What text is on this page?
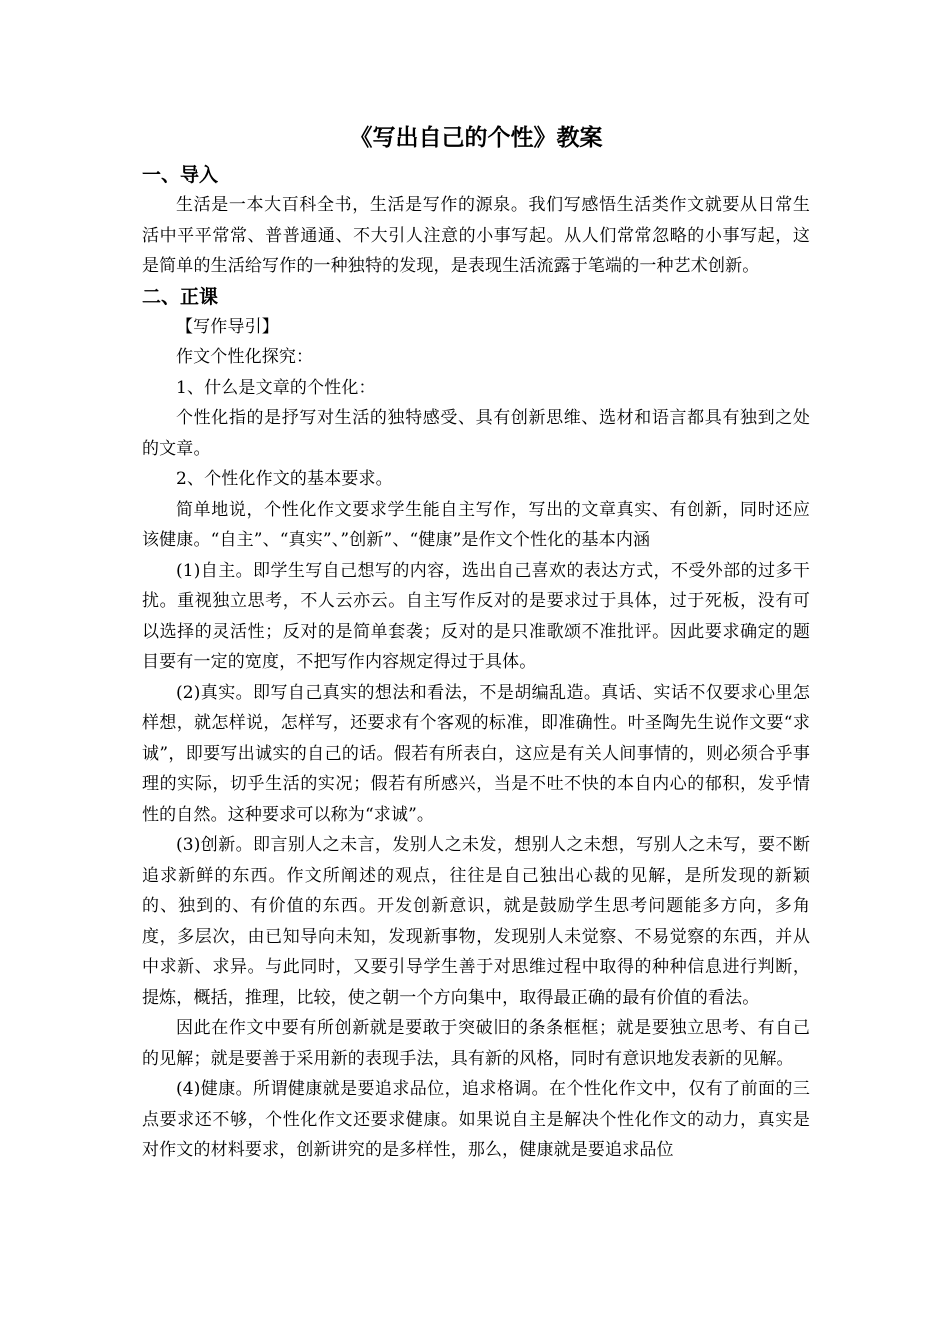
《写出自己的个性》教案
一、导入

生活是一本大百科全书，生活是写作的源泉。我们写感悟生活类作文就要从日常生活中平平常常、普普通通、不大引人注意的小事写起。从人们常常忽略的小事写起，这是简单的生活给写作的一种独特的发现，是表现生活流露于笔端的一种艺术创新。

二、正课

【写作导引】

作文个性化探究：

1、什么是文章的个性化：

个性化指的是抒写对生活的独特感受、具有创新思维、选材和语言都具有独到之处的文章。

2、个性化作文的基本要求。

简单地说，个性化作文要求学生能自主写作，写出的文章真实、有创新，同时还应该健康。“自主”、“真实”、”创新”、“健康”是作文个性化的基本内涵

(1)自主。即学生写自己想写的内容，选出自己喜欢的表达方式，不受外部的过多干扰。重视独立思考，不人云亦云。自主写作反对的是要求过于具体，过于死板，没有可以选择的灵活性；反对的是简单套袭；反对的是只准歌颂不准批评。因此要求确定的题目要有一定的宽度，不把写作内容规定得过于具体。

(2)真实。即写自己真实的想法和看法，不是胡编乱造。真话、实话不仅要求心里怎样想，就怎样说，怎样写，还要求有个客观的标准，即准确性。叶圣陶先生说作文要“求诚”，即要写出诚实的自己的话。假若有所表白，这应是有关人间事情的，则必须合乎事理的实际，切乎生活的实况；假若有所感兴，当是不吐不快的本自内心的郁积，发乎情性的自然。这种要求可以称为“求诚”。

(3)创新。即言别人之未言，发别人之未发，想别人之未想，写别人之未写，要不断追求新鲜的东西。作文所阐述的观点，往往是自己独出心裁的见解，是所发现的新颖的、独到的、有价值的东西。开发创新意识，就是鼓励学生思考问题能多方向，多角度，多层次，由已知导向未知，发现新事物，发现别人未觉察、不易觉察的东西，并从中求新、求异。与此同时，又要引导学生善于对思维过程中取得的种种信息进行判断，提炼，概括，推理，比较，使之朝一个方向集中，取得最正确的最有价值的看法。

因此在作文中要有所创新就是要敢于突破旧的条条框框；就是要独立思考、有自己的见解；就是要善于采用新的表现手法，具有新的风格，同时有意识地发表新的见解。

(4)健康。所谓健康就是要追求品位，追求格调。在个性化作文中，仅有了前面的三点要求还不够，个性化作文还要求健康。如果说自主是解决个性化作文的动力，真实是对作文的材料要求，创新讲究的是多样性，那么，健康就是要追求品位
